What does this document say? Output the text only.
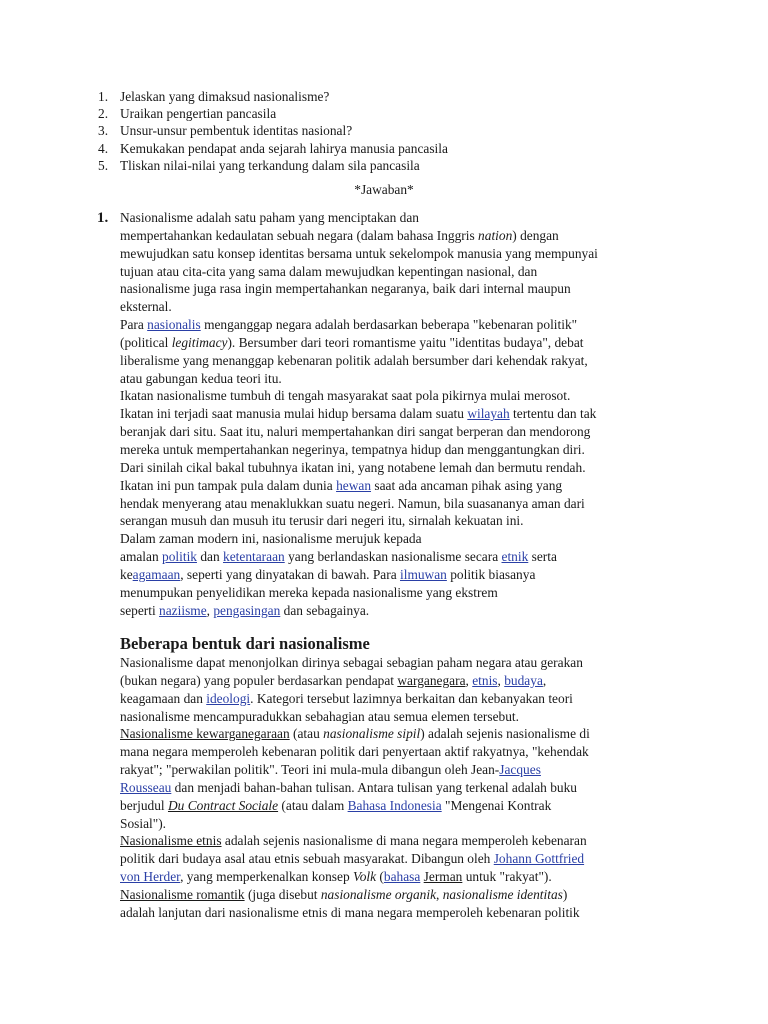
1. Jelaskan yang dimaksud nasionalisme?
2. Uraikan pengertian pancasila
3. Unsur-unsur pembentuk identitas nasional?
4. Kemukakan pendapat anda sejarah lahirya manusia pancasila
5. Tliskan nilai-nilai yang terkandung dalam sila pancasila
*Jawaban*
1. Nasionalisme adalah satu paham yang menciptakan dan
mempertahankan kedaulatan sebuah negara (dalam bahasa Inggris nation) dengan
mewujudkan satu konsep identitas bersama untuk sekelompok manusia yang mempunyai
tujuan atau cita-cita yang sama dalam mewujudkan kepentingan nasional, dan
nasionalisme juga rasa ingin mempertahankan negaranya, baik dari internal maupun
eksternal.
Para nasionalis menganggap negara adalah berdasarkan beberapa "kebenaran politik"
(political legitimacy). Bersumber dari teori romantisme yaitu "identitas budaya", debat
liberalisme yang menanggap kebenaran politik adalah bersumber dari kehendak rakyat,
atau gabungan kedua teori itu.
Ikatan nasionalisme tumbuh di tengah masyarakat saat pola pikirnya mulai merosot.
Ikatan ini terjadi saat manusia mulai hidup bersama dalam suatu wilayah tertentu dan tak
beranjak dari situ. Saat itu, naluri mempertahankan diri sangat berperan dan mendorong
mereka untuk mempertahankan negerinya, tempatnya hidup dan menggantungkan diri.
Dari sinilah cikal bakal tubuhnya ikatan ini, yang notabene lemah dan bermutu rendah.
Ikatan ini pun tampak pula dalam dunia hewan saat ada ancaman pihak asing yang
hendak menyerang atau menaklukkan suatu negeri. Namun, bila suasananya aman dari
serangan musuh dan musuh itu terusir dari negeri itu, sirnalah kekuatan ini.
Dalam zaman modern ini, nasionalisme merujuk kepada
amalan politik dan ketentaraan yang berlandaskan nasionalisme secara etnik serta
keagamaan, seperti yang dinyatakan di bawah. Para ilmuwan politik biasanya
menumpukan penyelidikan mereka kepada nasionalisme yang ekstrem
seperti naziisme, pengasingan dan sebagainya.
Beberapa bentuk dari nasionalisme
Nasionalisme dapat menonjolkan dirinya sebagai sebagian paham negara atau gerakan
(bukan negara) yang populer berdasarkan pendapat warganegara, etnis, budaya,
keagamaan dan ideologi. Kategori tersebut lazimnya berkaitan dan kebanyakan teori
nasionalisme mencampuradukkan sebahagian atau semua elemen tersebut.
Nasionalisme kewarganegaraan (atau nasionalisme sipil) adalah sejenis nasionalisme di
mana negara memperoleh kebenaran politik dari penyertaan aktif rakyatnya, "kehendak
rakyat"; "perwakilan politik". Teori ini mula-mula dibangun oleh Jean-Jacques
Rousseau dan menjadi bahan-bahan tulisan. Antara tulisan yang terkenal adalah buku
berjudul Du Contract Sociale (atau dalam Bahasa Indonesia "Mengenai Kontrak
Sosial").
Nasionalisme etnis adalah sejenis nasionalisme di mana negara memperoleh kebenaran
politik dari budaya asal atau etnis sebuah masyarakat. Dibangun oleh Johann Gottfried
von Herder, yang memperkenalkan konsep Volk (bahasa Jerman untuk "rakyat").
Nasionalisme romantik (juga disebut nasionalisme organik, nasionalisme identitas)
adalah lanjutan dari nasionalisme etnis di mana negara memperoleh kebenaran politik
